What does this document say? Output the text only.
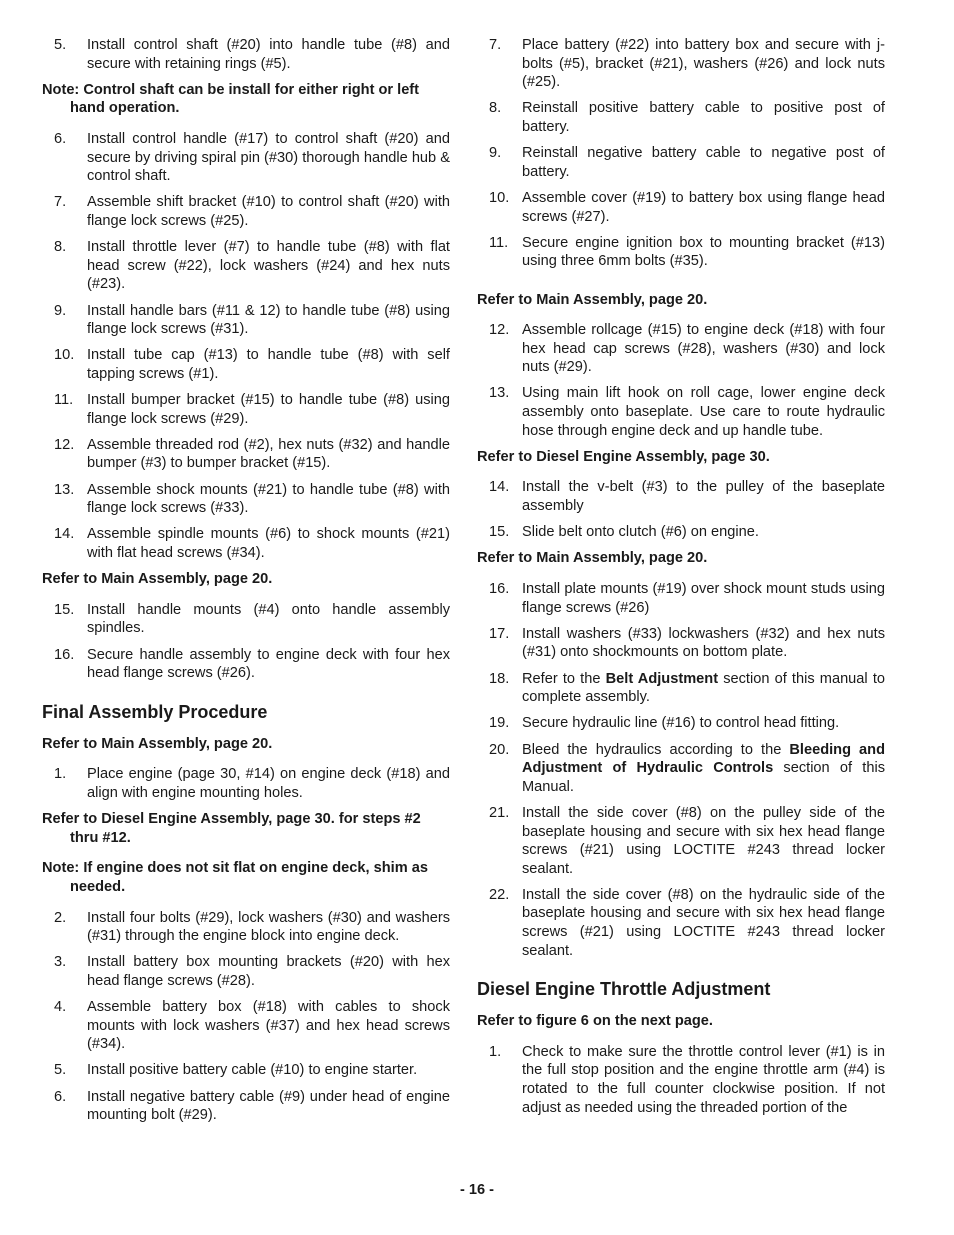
5.	Install control shaft (#20) into handle tube (#8) and secure with retaining rings (#5).
Note: Control shaft can be install for either right or left hand operation.
6.	Install control handle (#17) to control shaft (#20) and secure by driving spiral pin (#30) thorough handle hub & control shaft.
7.	Assemble shift bracket (#10) to control shaft (#20) with flange lock screws (#25).
8.	Install throttle lever (#7) to handle tube (#8) with flat head screw (#22), lock washers (#24) and hex nuts (#23).
9.	Install handle bars (#11 & 12) to handle tube (#8) using flange lock screws (#31).
10. Install tube cap (#13) to handle tube (#8) with self tapping screws (#1).
11. Install bumper bracket (#15) to handle tube (#8) using flange lock screws (#29).
12. Assemble threaded rod (#2), hex nuts (#32) and handle bumper (#3) to bumper bracket (#15).
13. Assemble shock mounts (#21) to handle tube (#8) with flange lock screws (#33).
14. Assemble spindle mounts (#6) to shock mounts (#21) with flat head screws (#34).
Refer to Main Assembly, page 20.
15. Install handle mounts (#4) onto handle assembly spindles.
16. Secure handle assembly to engine deck with four hex head flange screws (#26).
Final Assembly Procedure
Refer to Main Assembly, page 20.
1.	Place engine (page 30, #14) on engine deck (#18) and align with engine mounting holes.
Refer to Diesel Engine Assembly, page 30. for steps #2 thru #12.
Note: If engine does not sit flat on engine deck, shim as needed.
2.	Install four bolts (#29), lock washers (#30) and washers (#31) through the engine block into engine deck.
3.	Install battery box mounting brackets (#20) with hex head flange screws (#28).
4.	Assemble battery box (#18) with cables to shock mounts with lock washers (#37) and hex head screws (#34).
5.	Install positive battery cable (#10) to engine starter.
6.	Install negative battery cable (#9) under head of engine mounting bolt (#29).
7.	Place battery (#22) into battery box and secure with j-bolts (#5), bracket (#21), washers (#26) and lock nuts (#25).
8.	Reinstall positive battery cable to positive post of battery.
9.	Reinstall negative battery cable to negative post of battery.
10. Assemble cover (#19) to battery box using flange head screws (#27).
11. Secure engine ignition box to mounting bracket (#13) using three 6mm bolts (#35).
Refer to Main Assembly, page 20.
12. Assemble rollcage (#15) to engine deck (#18) with four hex head cap screws (#28), washers (#30) and lock nuts (#29).
13. Using main lift hook on roll cage, lower engine deck assembly onto baseplate. Use care to route hydraulic hose through engine deck and up handle tube.
Refer to Diesel Engine Assembly, page 30.
14. Install the v-belt (#3) to the pulley of the baseplate assembly
15. Slide belt onto clutch (#6) on engine.
Refer to Main Assembly, page 20.
16. Install plate mounts (#19) over shock mount studs using flange screws (#26)
17. Install washers (#33) lockwashers (#32) and hex nuts (#31) onto shockmounts on bottom plate.
18. Refer to the Belt Adjustment section of this manual to complete assembly.
19. Secure hydraulic line (#16) to control head fitting.
20. Bleed the hydraulics according to the Bleeding and Adjustment of Hydraulic Controls section of this Manual.
21. Install the side cover (#8) on the pulley side of the baseplate housing and secure with six hex head flange screws (#21) using LOCTITE #243 thread locker sealant.
22. Install the side cover (#8) on the hydraulic side of the baseplate housing and secure with six hex head flange screws (#21) using LOCTITE #243 thread locker sealant.
Diesel Engine Throttle Adjustment
Refer to figure 6 on the next page.
1.	Check to make sure the throttle control lever (#1) is in the full stop position and the engine throttle arm (#4) is rotated to the full counter clockwise position. If not adjust as needed using the threaded portion of the
- 16 -
